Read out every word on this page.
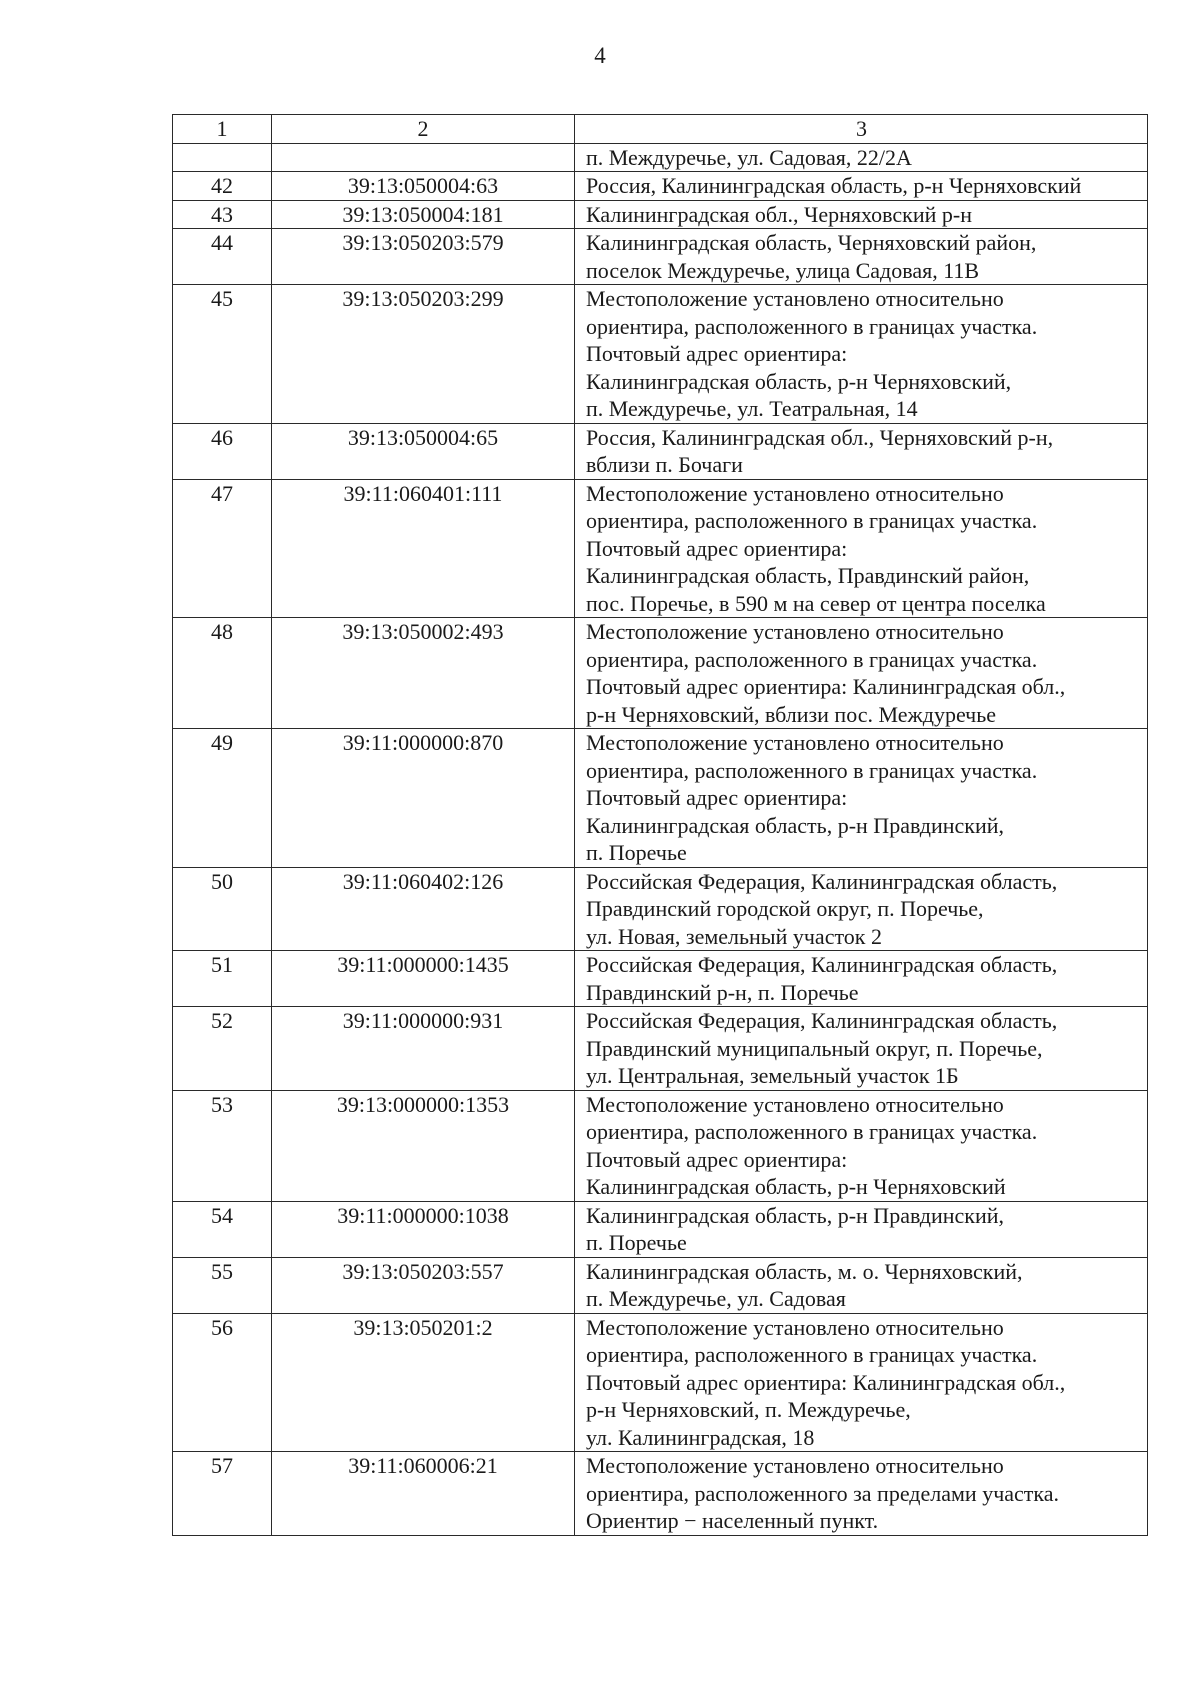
4
1	2	3

		п. Междуречье, ул. Садовая, 22/2А

42	39:13:050004:63	Россия, Калининградская область, р-н Черняховский

43	39:13:050004:181	Калининградская обл., Черняховский р-н

44	39:13:050203:579	Калининградская область, Черняховский район,
поселок Междуречье, улица Садовая, 11В

45	39:13:050203:299	Местоположение установлено относительно
ориентира, расположенного в границах участка.
Почтовый адрес ориентира:
Калининградская область, р-н Черняховский,
п. Междуречье, ул. Театральная, 14

46	39:13:050004:65	Россия, Калининградская обл., Черняховский р-н,
вблизи п. Бочаги

47	39:11:060401:111	Местоположение установлено относительно
ориентира, расположенного в границах участка.
Почтовый адрес ориентира:
Калининградская область, Правдинский район,
пос. Поречье, в 590 м на север от центра поселка

48	39:13:050002:493	Местоположение установлено относительно
ориентира, расположенного в границах участка.
Почтовый адрес ориентира: Калининградская обл.,
р-н Черняховский, вблизи пос. Междуречье

49	39:11:000000:870	Местоположение установлено относительно
ориентира, расположенного в границах участка.
Почтовый адрес ориентира:
Калининградская область, р-н Правдинский,
п. Поречье

50	39:11:060402:126	Российская Федерация, Калининградская область,
Правдинский городской округ, п. Поречье,
ул. Новая, земельный участок 2

51	39:11:000000:1435	Российская Федерация, Калининградская область,
Правдинский р-н, п. Поречье

52	39:11:000000:931	Российская Федерация, Калининградская область,
Правдинский муниципальный округ, п. Поречье,
ул. Центральная, земельный участок 1Б

53	39:13:000000:1353	Местоположение установлено относительно
ориентира, расположенного в границах участка.
Почтовый адрес ориентира:
Калининградская область, р-н Черняховский

54	39:11:000000:1038	Калининградская область, р-н Правдинский,
п. Поречье

55	39:13:050203:557	Калининградская область, м. о. Черняховский,
п. Междуречье, ул. Садовая

56	39:13:050201:2	Местоположение установлено относительно
ориентира, расположенного в границах участка.
Почтовый адрес ориентира: Калининградская обл.,
р-н Черняховский, п. Междуречье,
ул. Калининградская, 18

57	39:11:060006:21	Местоположение установлено относительно
ориентира, расположенного за пределами участка.
Ориентир − населенный пункт.
